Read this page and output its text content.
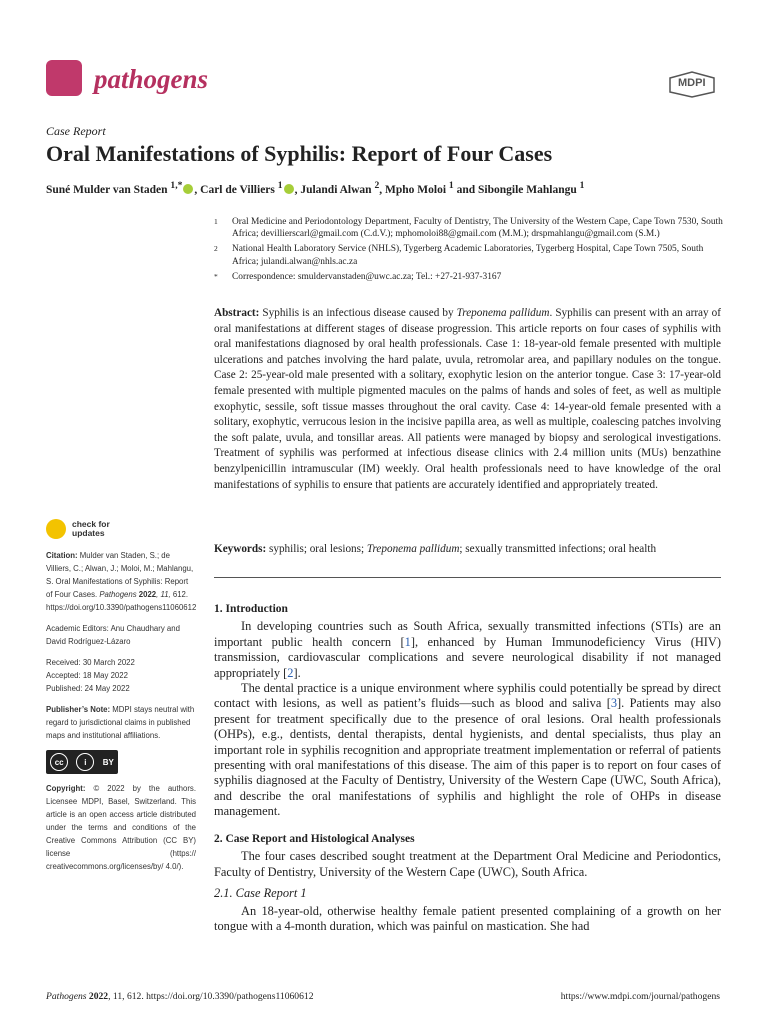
pathogens	MDPI
Case Report
Oral Manifestations of Syphilis: Report of Four Cases
Suné Mulder van Staden $^{1,*}$ , Carl de Villiers $^1$ , Julandi Alwan $^2$, Mpho Moloi $^1$ and Sibongile Mahlangu $^1$
1	Oral Medicine and Periodontology Department, Faculty of Dentistry, The University of the Western Cape, Cape Town 7530, South Africa; devillierscarl@gmail.com (C.d.V.); mphomoloi88@gmail.com (M.M.); drspmahlangu@gmail.com (S.M.)
2	National Health Laboratory Service (NHLS), Tygerberg Academic Laboratories, Tygerberg Hospital, Cape Town 7505, South Africa; julandi.alwan@nhls.ac.za
*	Correspondence: smuldervanstaden@uwc.ac.za; Tel.: +27-21-937-3167
Abstract: Syphilis is an infectious disease caused by Treponema pallidum. Syphilis can present with an array of oral manifestations at different stages of disease progression. This article reports on four cases of syphilis with oral manifestations diagnosed by oral health professionals. Case 1: 18-year-old female presented with multiple ulcerations and patches involving the hard palate, uvula, retromolar area, and papillary nodules on the tongue. Case 2: 25-year-old male presented with a solitary, exophytic lesion on the anterior tongue. Case 3: 17-year-old female presented with multiple pigmented macules on the palms of hands and soles of feet, as well as multiple exophytic, sessile, soft tissue masses throughout the oral cavity. Case 4: 14-year-old female presented with a solitary, exophytic, verrucous lesion in the incisive papilla area, as well as multiple, coalescing patches involving the soft palate, uvula, and tonsillar areas. All patients were managed by biopsy and serological investigations. Treatment of syphilis was performed at infectious disease clinics with 2.4 million units (MUs) benzathine benzylpenicillin intramuscular (IM) weekly. Oral health professionals need to have knowledge of the oral manifestations of syphilis to ensure that patients are accurately identified and appropriately treated.
Keywords: syphilis; oral lesions; Treponema pallidum; sexually transmitted infections; oral health
1. Introduction
In developing countries such as South Africa, sexually transmitted infections (STIs) are an important public health concern [1], enhanced by Human Immunodeficiency Virus (HIV) transmission, cardiovascular complications and severe neurological disability if not managed appropriately [2].
The dental practice is a unique environment where syphilis could potentially be spread by direct contact with lesions, as well as patient’s fluids—such as blood and saliva [3]. Patients may also present for treatment specifically due to the presence of oral lesions. Oral health professionals (OHPs), e.g., dentists, dental therapists, dental hygienists, and dental specialists, thus play an important role in syphilis recognition and appropriate treatment implementation or referral of patients presenting with oral manifestations of this disease. The aim of this paper is to report on four cases of syphilis diagnosed at the Faculty of Dentistry, University of the Western Cape (UWC, South Africa), and describe the oral manifestations of syphilis and highlight the role of OHPs in disease management.
2. Case Report and Histological Analyses
The four cases described sought treatment at the Department Oral Medicine and Periodontics, Faculty of Dentistry, University of the Western Cape (UWC), South Africa.
2.1. Case Report 1
An 18-year-old, otherwise healthy female patient presented complaining of a growth on her tongue with a 4-month duration, which was painful on mastication. She had
check for
updates
Citation: Mulder van Staden, S.; de Villiers, C.; Alwan, J.; Moloi, M.; Mahlangu, S. Oral Manifestations of Syphilis: Report of Four Cases. Pathogens 2022, 11, 612. https://doi.org/10.3390/pathogens11060612
Academic Editors: Anu Chaudhary and David Rodríguez-Lázaro
Received: 30 March 2022
Accepted: 18 May 2022
Published: 24 May 2022
Publisher’s Note: MDPI stays neutral with regard to jurisdictional claims in published maps and institutional affiliations.
cc	i	BY
Copyright: © 2022 by the authors. Licensee MDPI, Basel, Switzerland. This article is an open access article distributed under the terms and conditions of the Creative Commons Attribution (CC BY) license (https:// creativecommons.org/licenses/by/ 4.0/).
Pathogens 2022, 11, 612. https://doi.org/10.3390/pathogens11060612	https://www.mdpi.com/journal/pathogens
